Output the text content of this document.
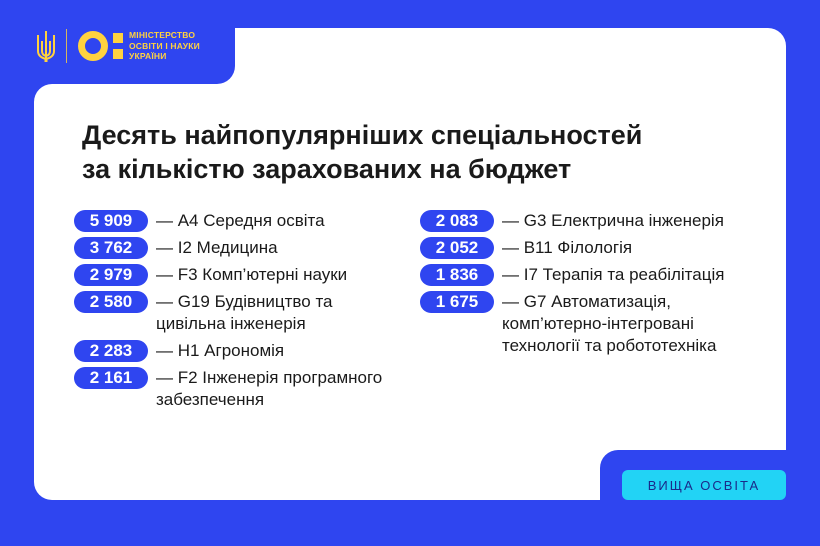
МІНІСТЕРСТВО
ОСВІТИ І НАУКИ
УКРАЇНИ
Десять найпопулярніших спеціальностей
за кількістю зарахованих на бюджет
5 909	— А4 Середня освіта
3 762	— І2 Медицина
2 979	— F3 Комп’ютерні науки
2 580	— G19 Будівництво та цивільна інженерія
2 283	— Н1 Агрономія
2 161	— F2 Інженерія програмного забезпечення
2 083	— G3 Електрична інженерія
2 052	— В11 Філологія
1 836	— І7 Терапія та реабілітація
1 675	— G7 Автоматизація, комп’ютерно-інтегровані технології та робототехніка
ВИЩА ОСВІТА
